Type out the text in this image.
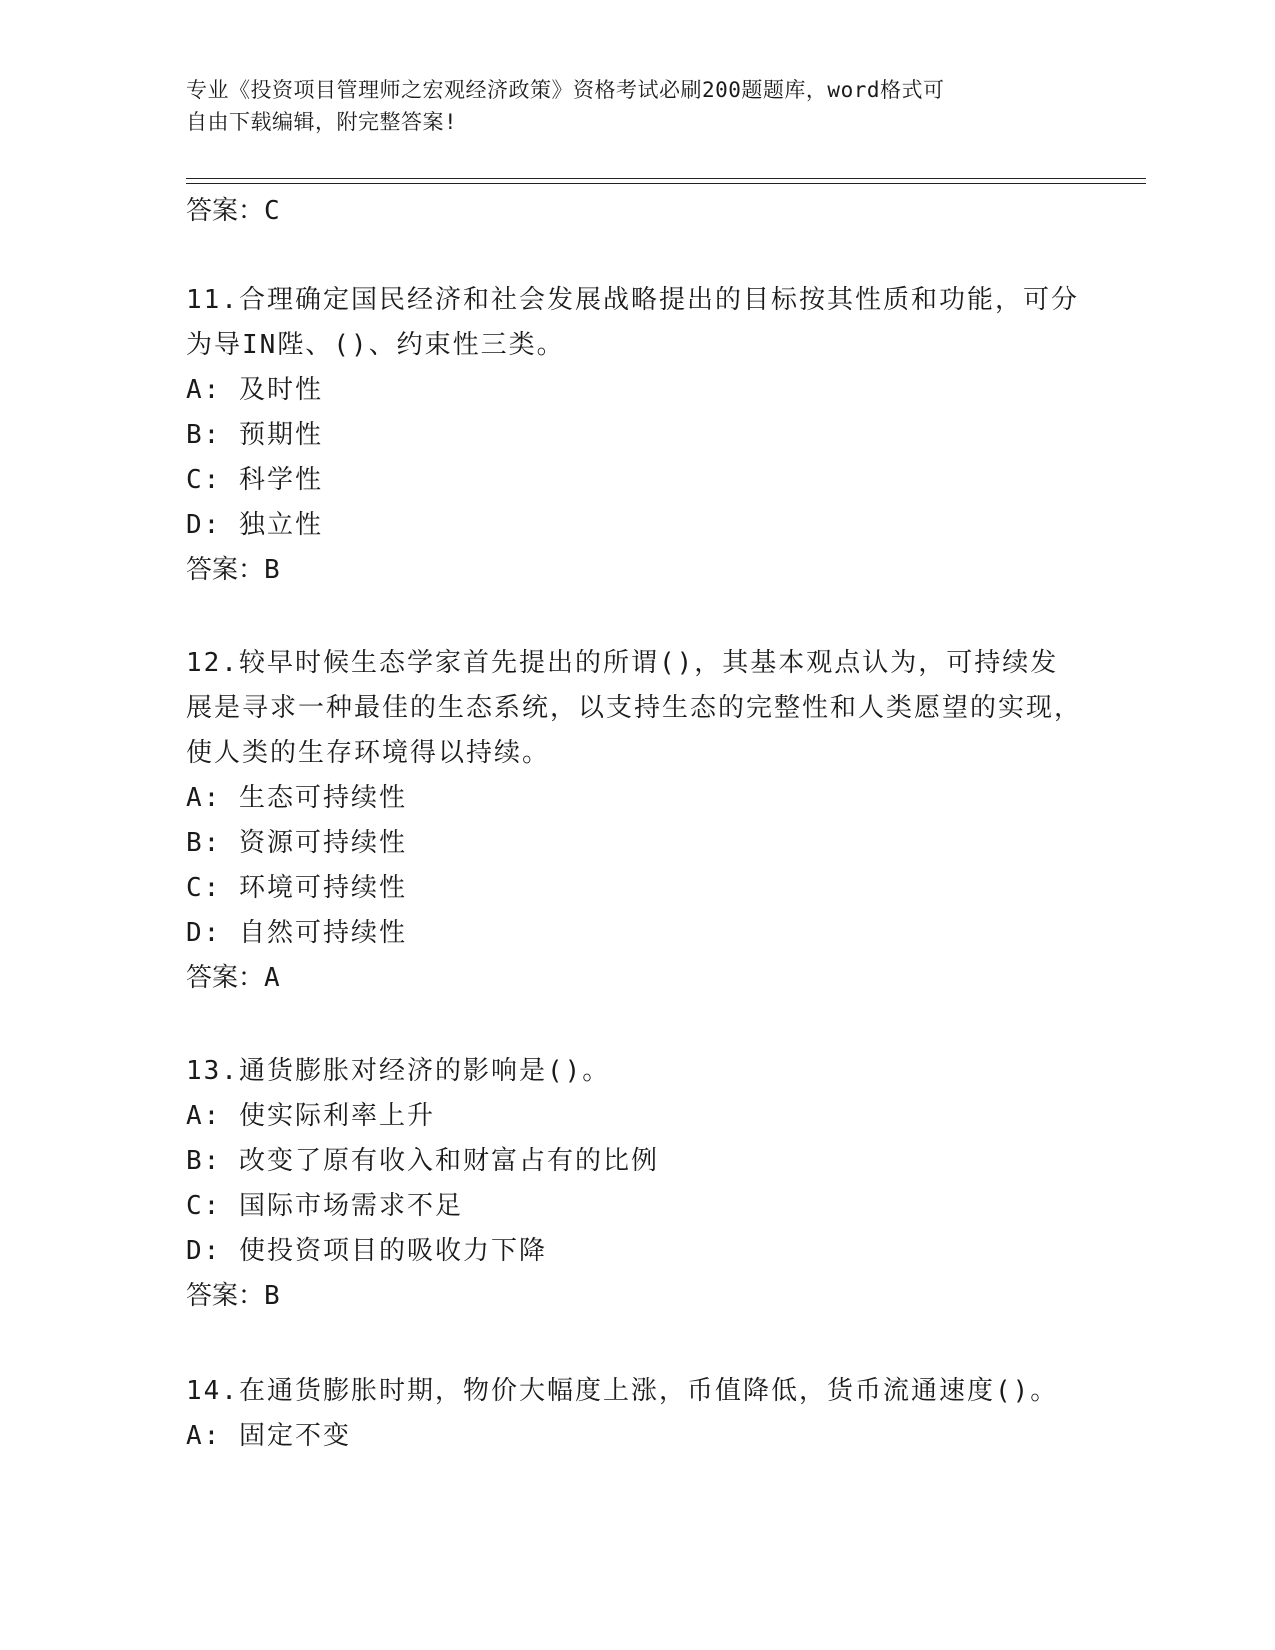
专业《投资项目管理师之宏观经济政策》资格考试必刷200题题库，word格式可

自由下载编辑，附完整答案!

答案：C

11.合理确定国民经济和社会发展战略提出的目标按其性质和功能，可分为导IN陛、()、约束性三类。

A: 及时性

B: 预期性

C: 科学性

D: 独立性

答案：B

12.较早时候生态学家首先提出的所谓()，其基本观点认为，可持续发展是寻求一种最佳的生态系统，以支持生态的完整性和人类愿望的实现，使人类的生存环境得以持续。

A: 生态可持续性

B: 资源可持续性

C: 环境可持续性

D: 自然可持续性

答案：A

13.通货膨胀对经济的影响是()。

A: 使实际利率上升

B: 改变了原有收入和财富占有的比例

C: 国际市场需求不足

D: 使投资项目的吸收力下降

答案：B

14.在通货膨胀时期，物价大幅度上涨，币值降低，货币流通速度()。

A: 固定不变
